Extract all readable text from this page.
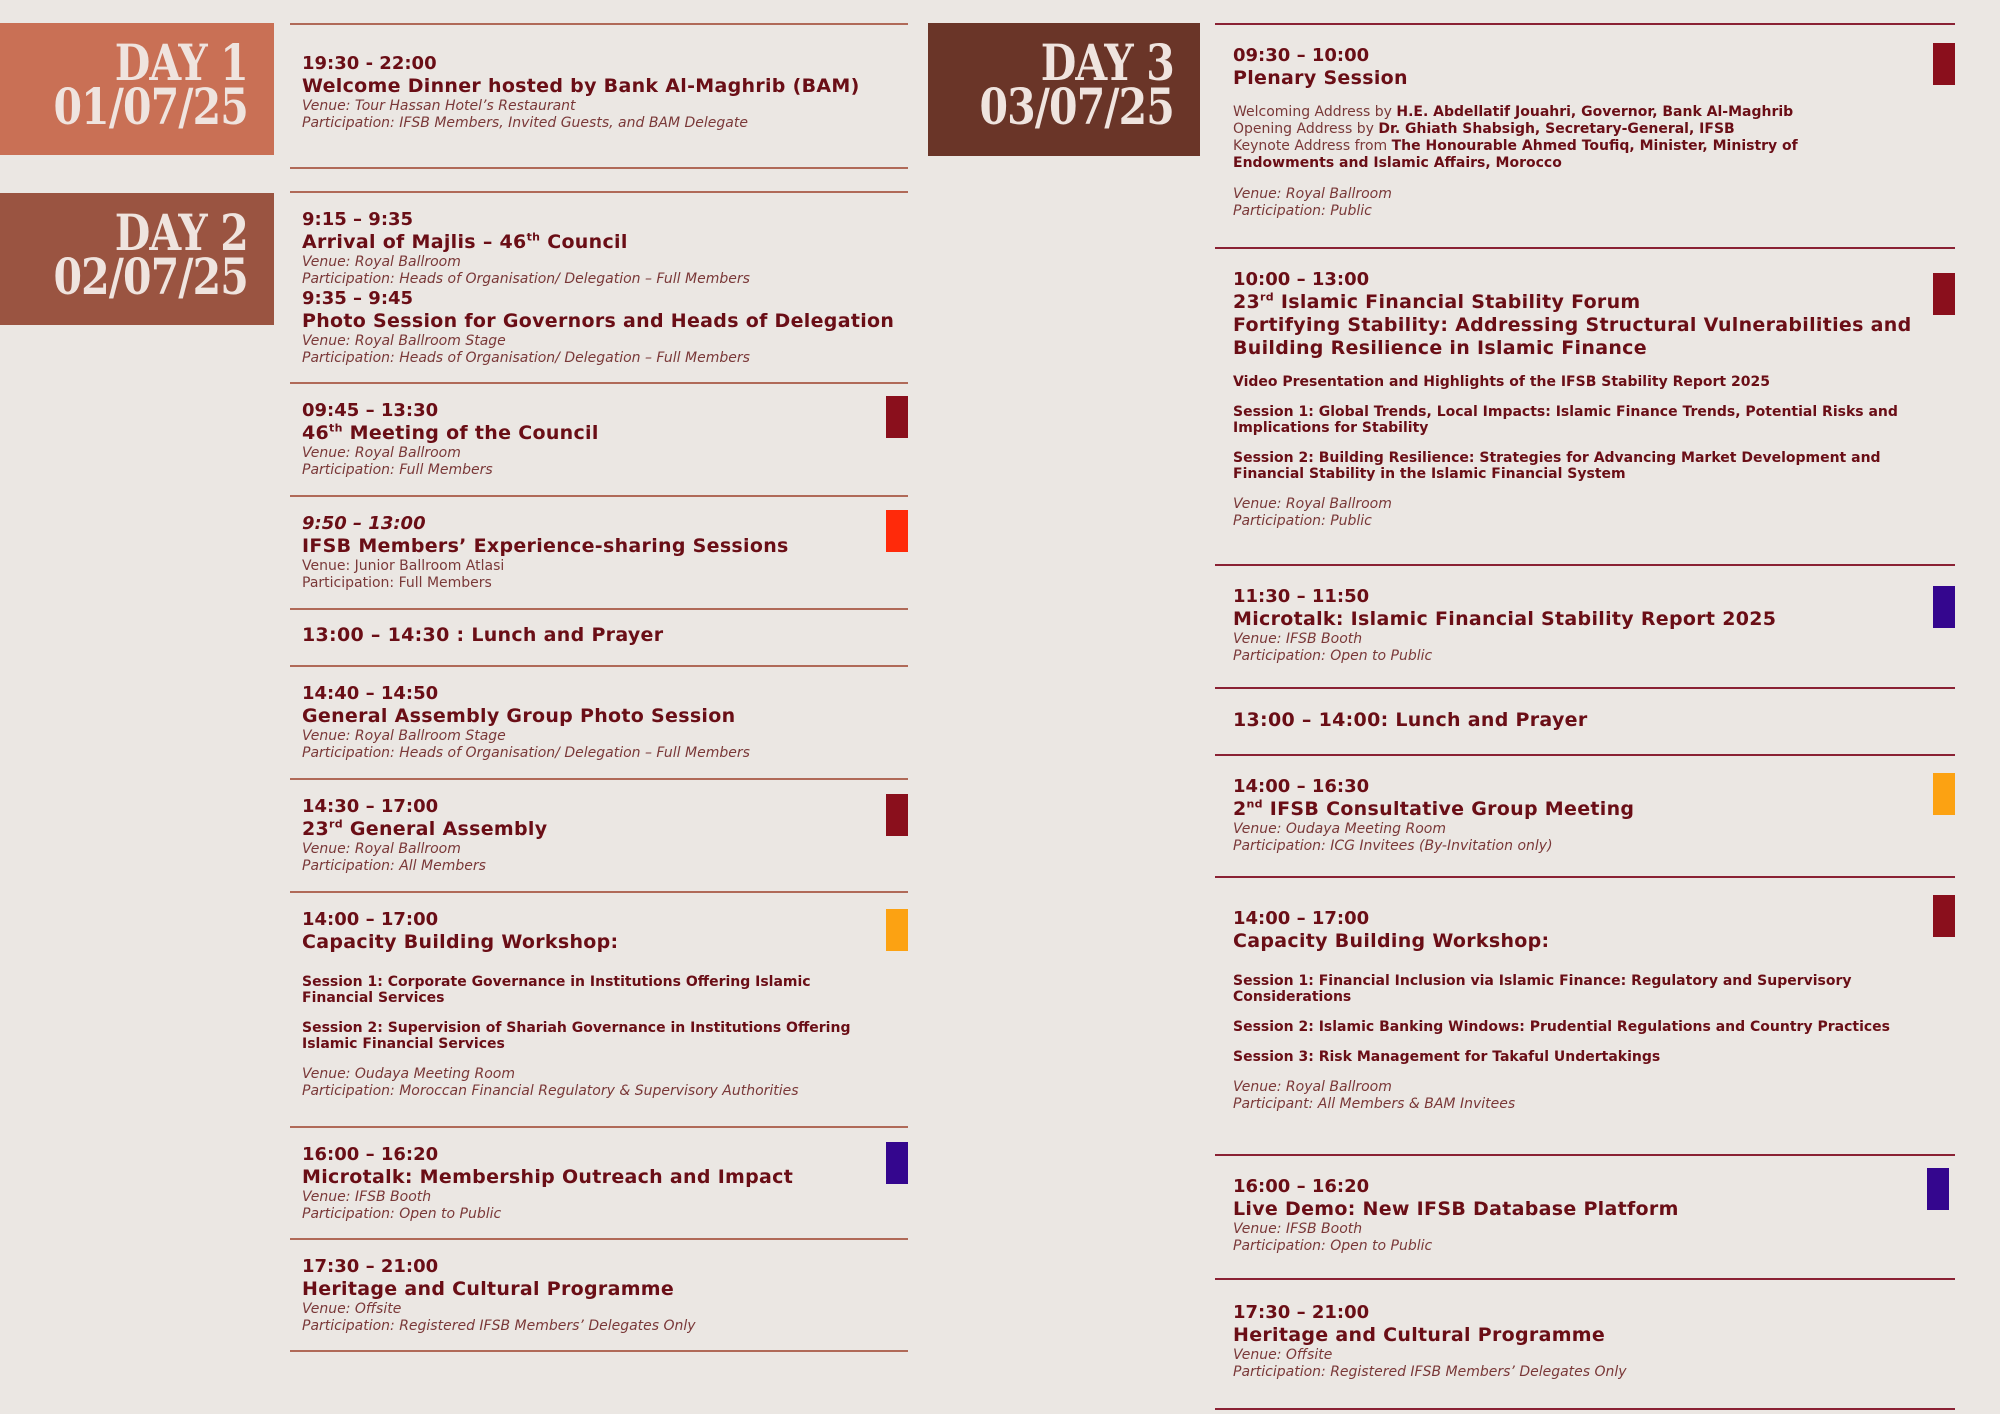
DAY 1
01/07/25
DAY 2
02/07/25
DAY 3
03/07/25
19:30 - 22:00
Welcome Dinner hosted by Bank Al-Maghrib (BAM)
Venue: Tour Hassan Hotel’s Restaurant
Participation: IFSB Members, Invited Guests, and BAM Delegate
9:15 – 9:35
Arrival of Majlis – 46th Council
Venue: Royal Ballroom
Participation: Heads of Organisation/ Delegation – Full Members
9:35 – 9:45
Photo Session for Governors and Heads of Delegation
Venue: Royal Ballroom Stage
Participation: Heads of Organisation/ Delegation – Full Members
09:45 – 13:30
46th Meeting of the Council
Venue: Royal Ballroom
Participation: Full Members
9:50 – 13:00
IFSB Members’ Experience-sharing Sessions
Venue: Junior Ballroom Atlasi
Participation: Full Members
13:00 – 14:30 : Lunch and Prayer
14:40 – 14:50
General Assembly Group Photo Session
Venue: Royal Ballroom Stage
Participation: Heads of Organisation/ Delegation – Full Members
14:30 – 17:00
23rd General Assembly
Venue: Royal Ballroom
Participation: All Members
14:00 – 17:00
Capacity Building Workshop:
Session 1: Corporate Governance in Institutions Offering Islamic Financial Services
Session 2: Supervision of Shariah Governance in Institutions Offering Islamic Financial Services
Venue: Oudaya Meeting Room
Participation: Moroccan Financial Regulatory & Supervisory Authorities
16:00 – 16:20
Microtalk: Membership Outreach and Impact
Venue: IFSB Booth
Participation: Open to Public
17:30 – 21:00
Heritage and Cultural Programme
Venue: Offsite
Participation: Registered IFSB Members’ Delegates Only
09:30 – 10:00
Plenary Session
Welcoming Address by H.E. Abdellatif Jouahri, Governor, Bank Al-Maghrib
Opening Address by Dr. Ghiath Shabsigh, Secretary-General, IFSB
Keynote Address from The Honourable Ahmed Toufiq, Minister, Ministry of Endowments and Islamic Affairs, Morocco
Venue: Royal Ballroom
Participation: Public
10:00 – 13:00
23rd Islamic Financial Stability Forum
Fortifying Stability: Addressing Structural Vulnerabilities and Building Resilience in Islamic Finance
Video Presentation and Highlights of the IFSB Stability Report 2025
Session 1: Global Trends, Local Impacts: Islamic Finance Trends, Potential Risks and Implications for Stability
Session 2: Building Resilience: Strategies for Advancing Market Development and Financial Stability in the Islamic Financial System
Venue: Royal Ballroom
Participation: Public
11:30 – 11:50
Microtalk: Islamic Financial Stability Report 2025
Venue: IFSB Booth
Participation: Open to Public
13:00 – 14:00: Lunch and Prayer
14:00 – 16:30
2nd IFSB Consultative Group Meeting
Venue: Oudaya Meeting Room
Participation: ICG Invitees (By-Invitation only)
14:00 – 17:00
Capacity Building Workshop:
Session 1: Financial Inclusion via Islamic Finance: Regulatory and Supervisory Considerations
Session 2: Islamic Banking Windows: Prudential Regulations and Country Practices
Session 3: Risk Management for Takaful Undertakings
Venue: Royal Ballroom
Participant: All Members & BAM Invitees
16:00 – 16:20
Live Demo: New IFSB Database Platform
Venue: IFSB Booth
Participation: Open to Public
17:30 – 21:00
Heritage and Cultural Programme
Venue: Offsite
Participation: Registered IFSB Members’ Delegates Only
